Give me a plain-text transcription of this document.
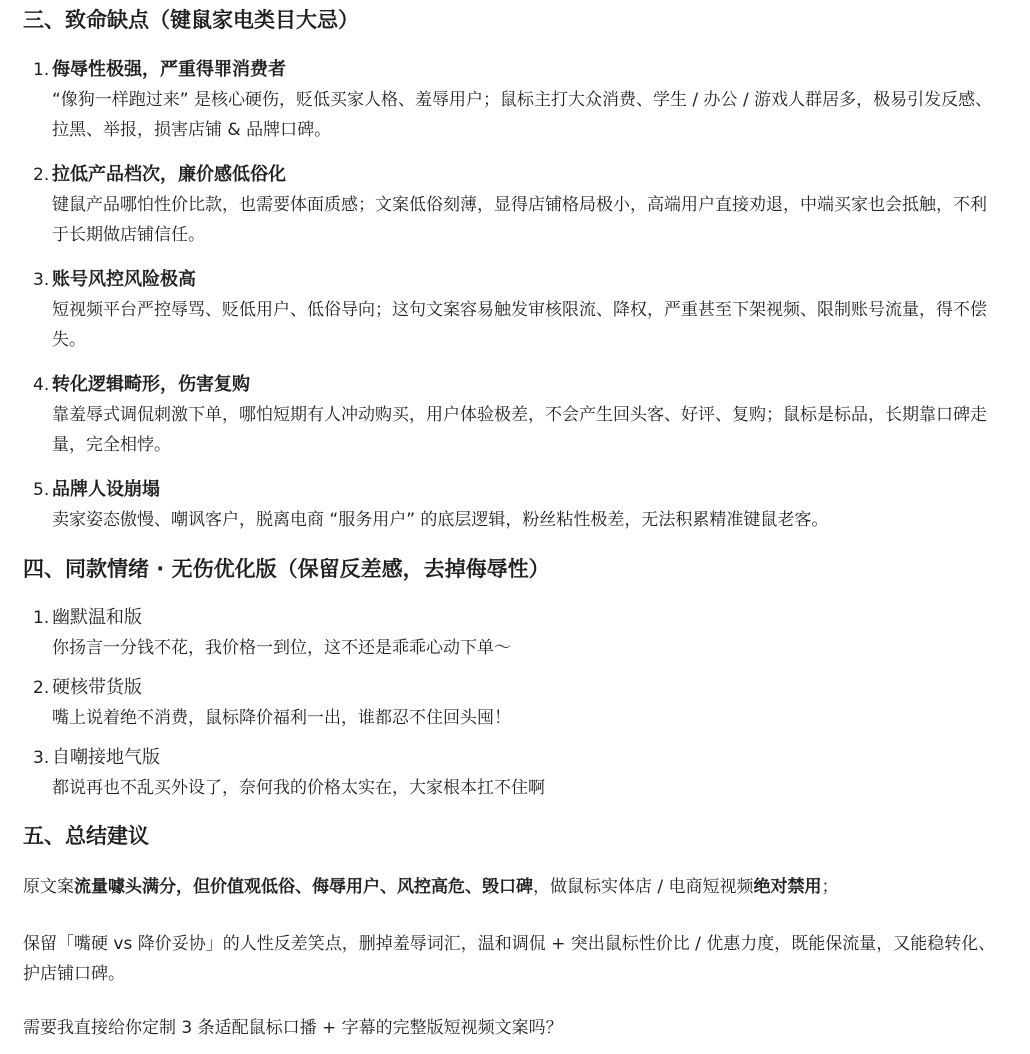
三、致命缺点（键鼠家电类目大忌）
1. 侮辱性极强，严重得罪消费者
“像狗一样跑过来” 是核心硬伤，贬低买家人格、羞辱用户；鼠标主打大众消费、学生 / 办公 / 游戏人群居多，极易引发反感、拉黑、举报，损害店铺 & 品牌口碑。
2. 拉低产品档次，廉价感低俗化
键鼠产品哪怕性价比款，也需要体面质感；文案低俗刻薄，显得店铺格局极小，高端用户直接劝退，中端买家也会抵触，不利于长期做店铺信任。
3. 账号风控风险极高
短视频平台严控辱骂、贬低用户、低俗导向；这句文案容易触发审核限流、降权，严重甚至下架视频、限制账号流量，得不偿失。
4. 转化逻辑畸形，伤害复购
靠羞辱式调侃刺激下单，哪怕短期有人冲动购买，用户体验极差，不会产生回头客、好评、复购；鼠标是标品，长期靠口碑走量，完全相悖。
5. 品牌人设崩塌
卖家姿态傲慢、嘲讽客户，脱离电商 “服务用户” 的底层逻辑，粉丝粘性极差，无法积累精准键鼠老客。
四、同款情绪 · 无伤优化版（保留反差感，去掉侮辱性）
1. 幽默温和版
你扬言一分钱不花，我价格一到位，这不还是乖乖心动下单～
2. 硬核带货版
嘴上说着绝不消费，鼠标降价福利一出，谁都忍不住回头囤！
3. 自嘲接地气版
都说再也不乱买外设了，奈何我的价格太实在，大家根本扛不住啊
五、总结建议

原文案流量噱头满分，但价值观低俗、侮辱用户、风控高危、毁口碑，做鼠标实体店 / 电商短视频绝对禁用；

保留「嘴硬 vs 降价妥协」的人性反差笑点，删掉羞辱词汇，温和调侃 + 突出鼠标性价比 / 优惠力度，既能保流量，又能稳转化、护店铺口碑。

需要我直接给你定制 3 条适配鼠标口播 + 字幕的完整版短视频文案吗？
